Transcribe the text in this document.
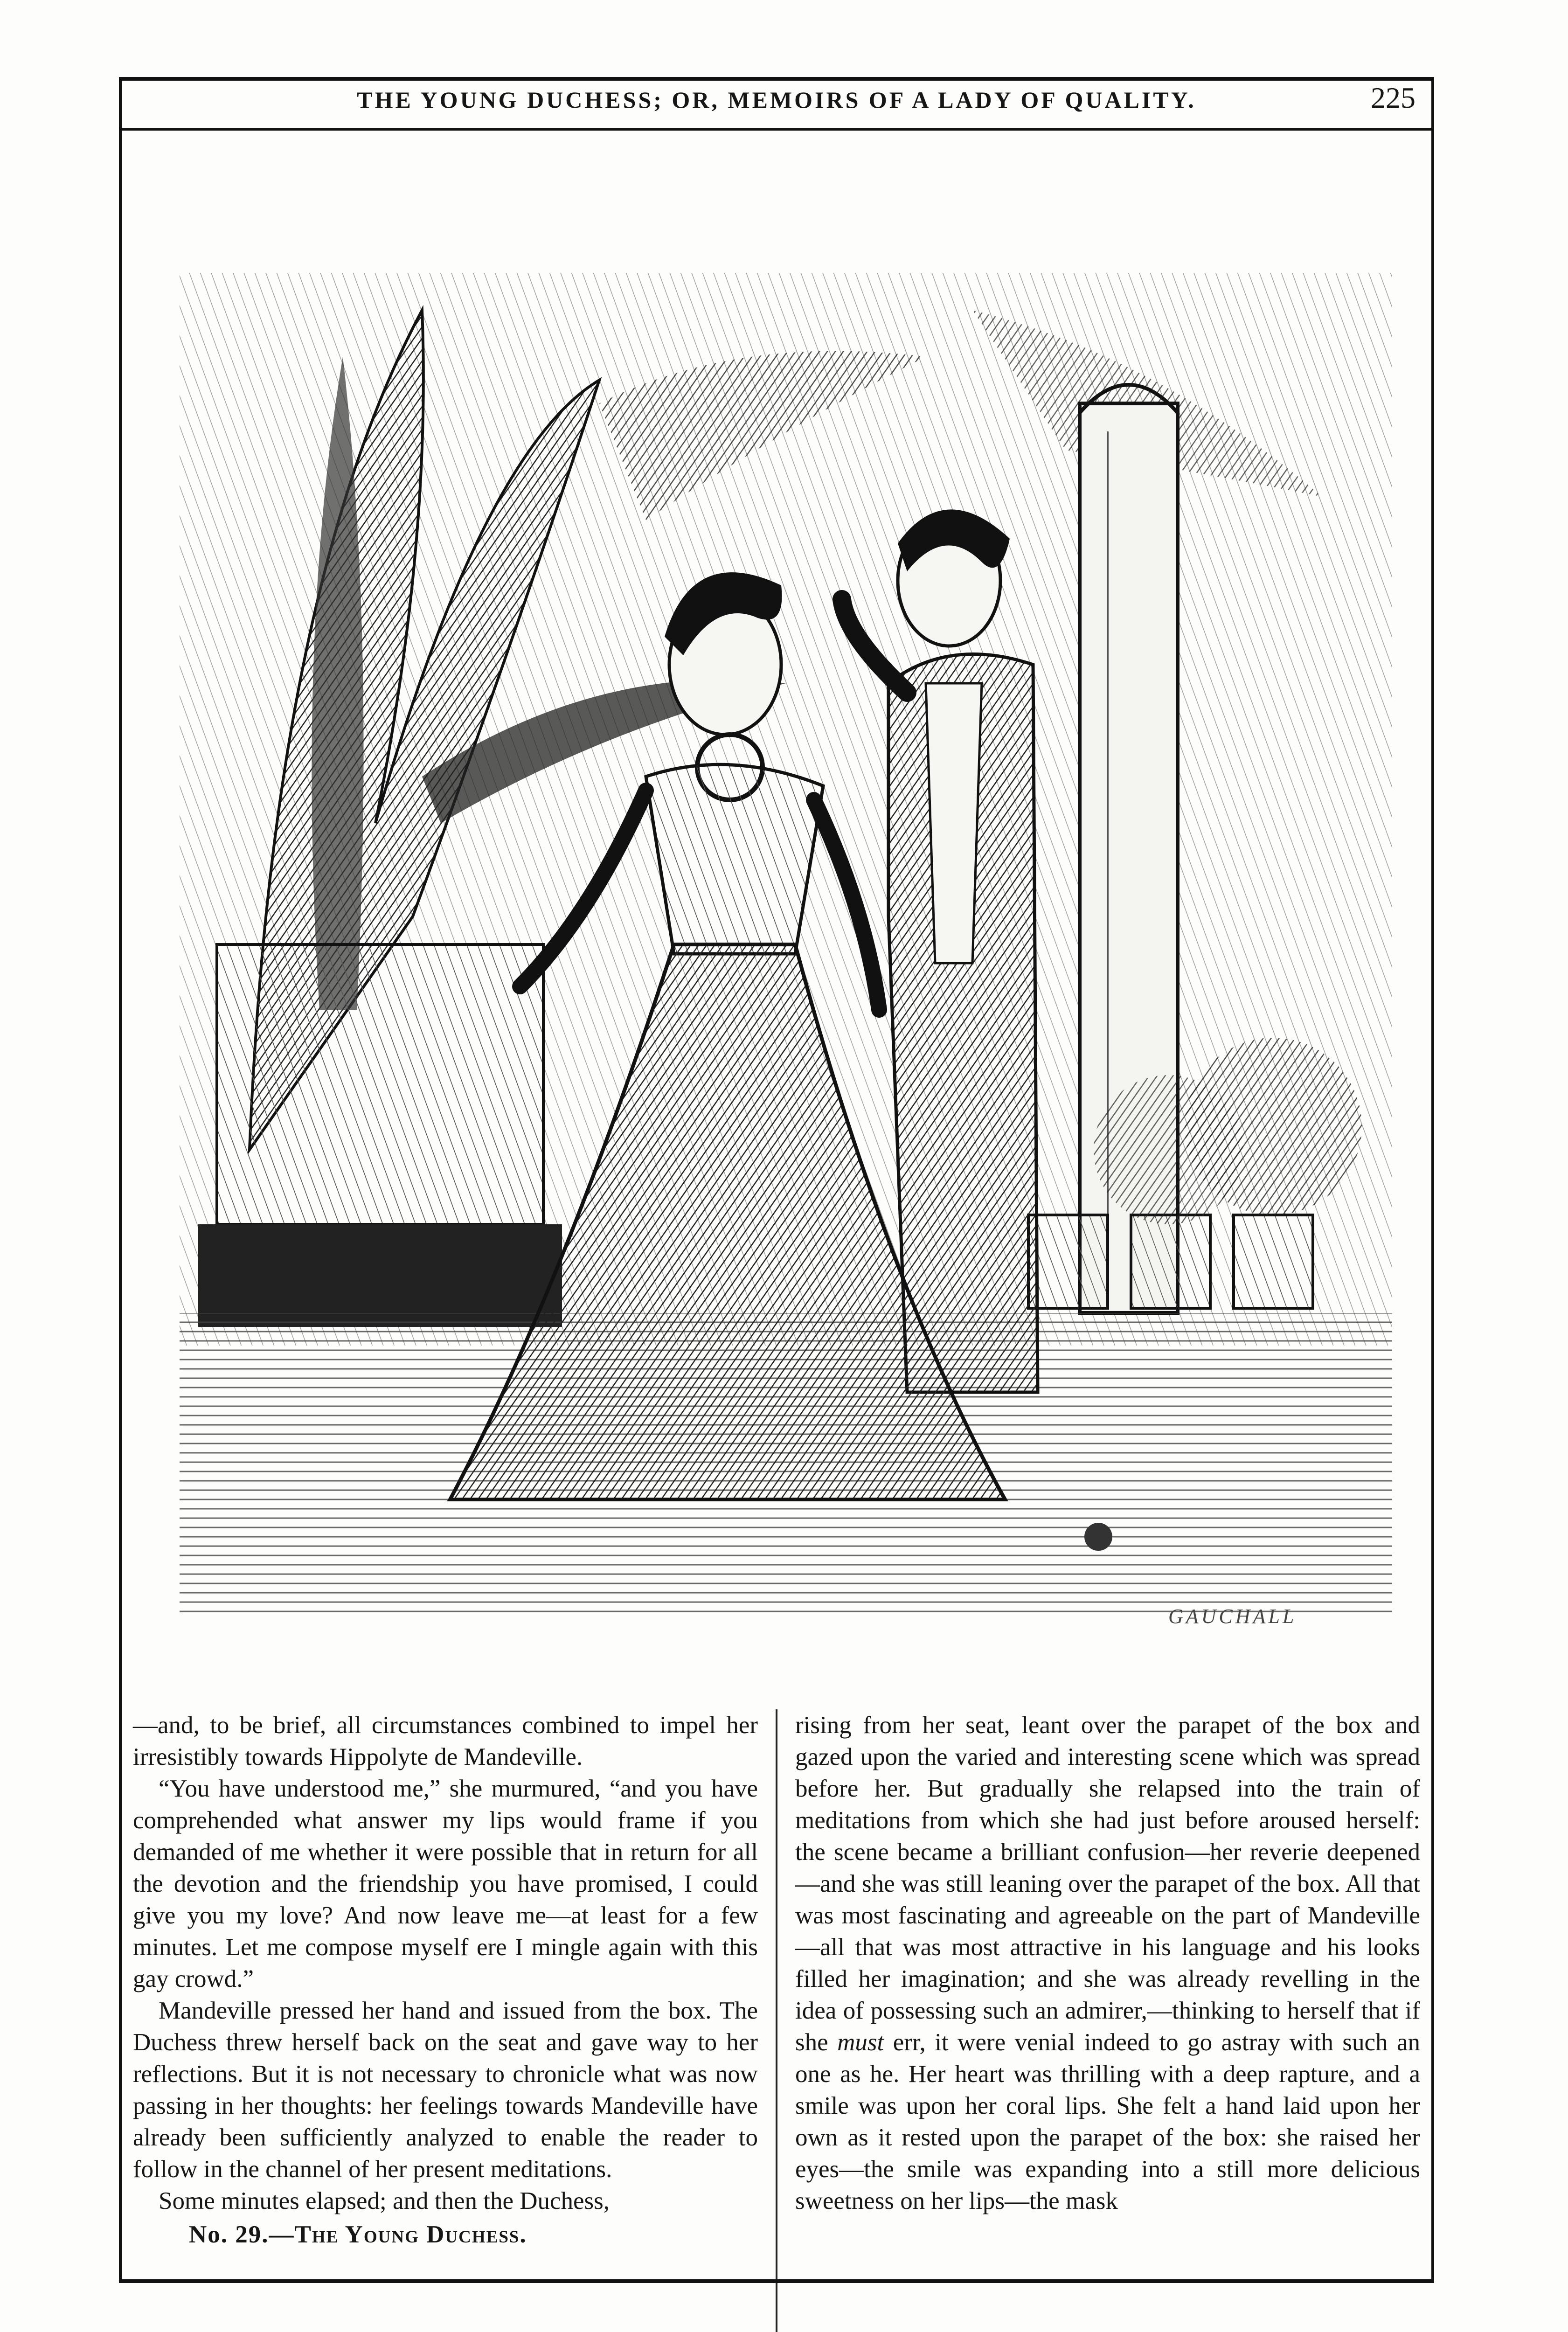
THE YOUNG DUCHESS; OR, MEMOIRS OF A LADY OF QUALITY.	225
GAUCHALL

—and, to be brief, all circumstances combined to impel her irresistibly towards Hippolyte de Mandeville.

“You have understood me,” she murmured, “and you have comprehended what answer my lips would frame if you demanded of me whether it were possible that in return for all the devotion and the friendship you have promised, I could give you my love? And now leave me—at least for a few minutes. Let me compose myself ere I mingle again with this gay crowd.”

Mandeville pressed her hand and issued from the box. The Duchess threw herself back on the seat and gave way to her reflections. But it is not necessary to chronicle what was now passing in her thoughts: her feelings towards Mandeville have already been sufficiently analyzed to enable the reader to follow in the channel of her present meditations.

Some minutes elapsed; and then the Duchess,

No. 29.—The Young Duchess.

rising from her seat, leant over the parapet of the box and gazed upon the varied and interesting scene which was spread before her. But gradually she relapsed into the train of meditations from which she had just before aroused herself: the scene became a brilliant confusion—her reverie deepened—and she was still leaning over the parapet of the box. All that was most fascinating and agreeable on the part of Mandeville—all that was most attractive in his language and his looks filled her imagination; and she was already revelling in the idea of possessing such an admirer,—thinking to herself that if she must err, it were venial indeed to go astray with such an one as he. Her heart was thrilling with a deep rapture, and a smile was upon her coral lips. She felt a hand laid upon her own as it rested upon the parapet of the box: she raised her eyes—the smile was expanding into a still more delicious sweetness on her lips—the mask
